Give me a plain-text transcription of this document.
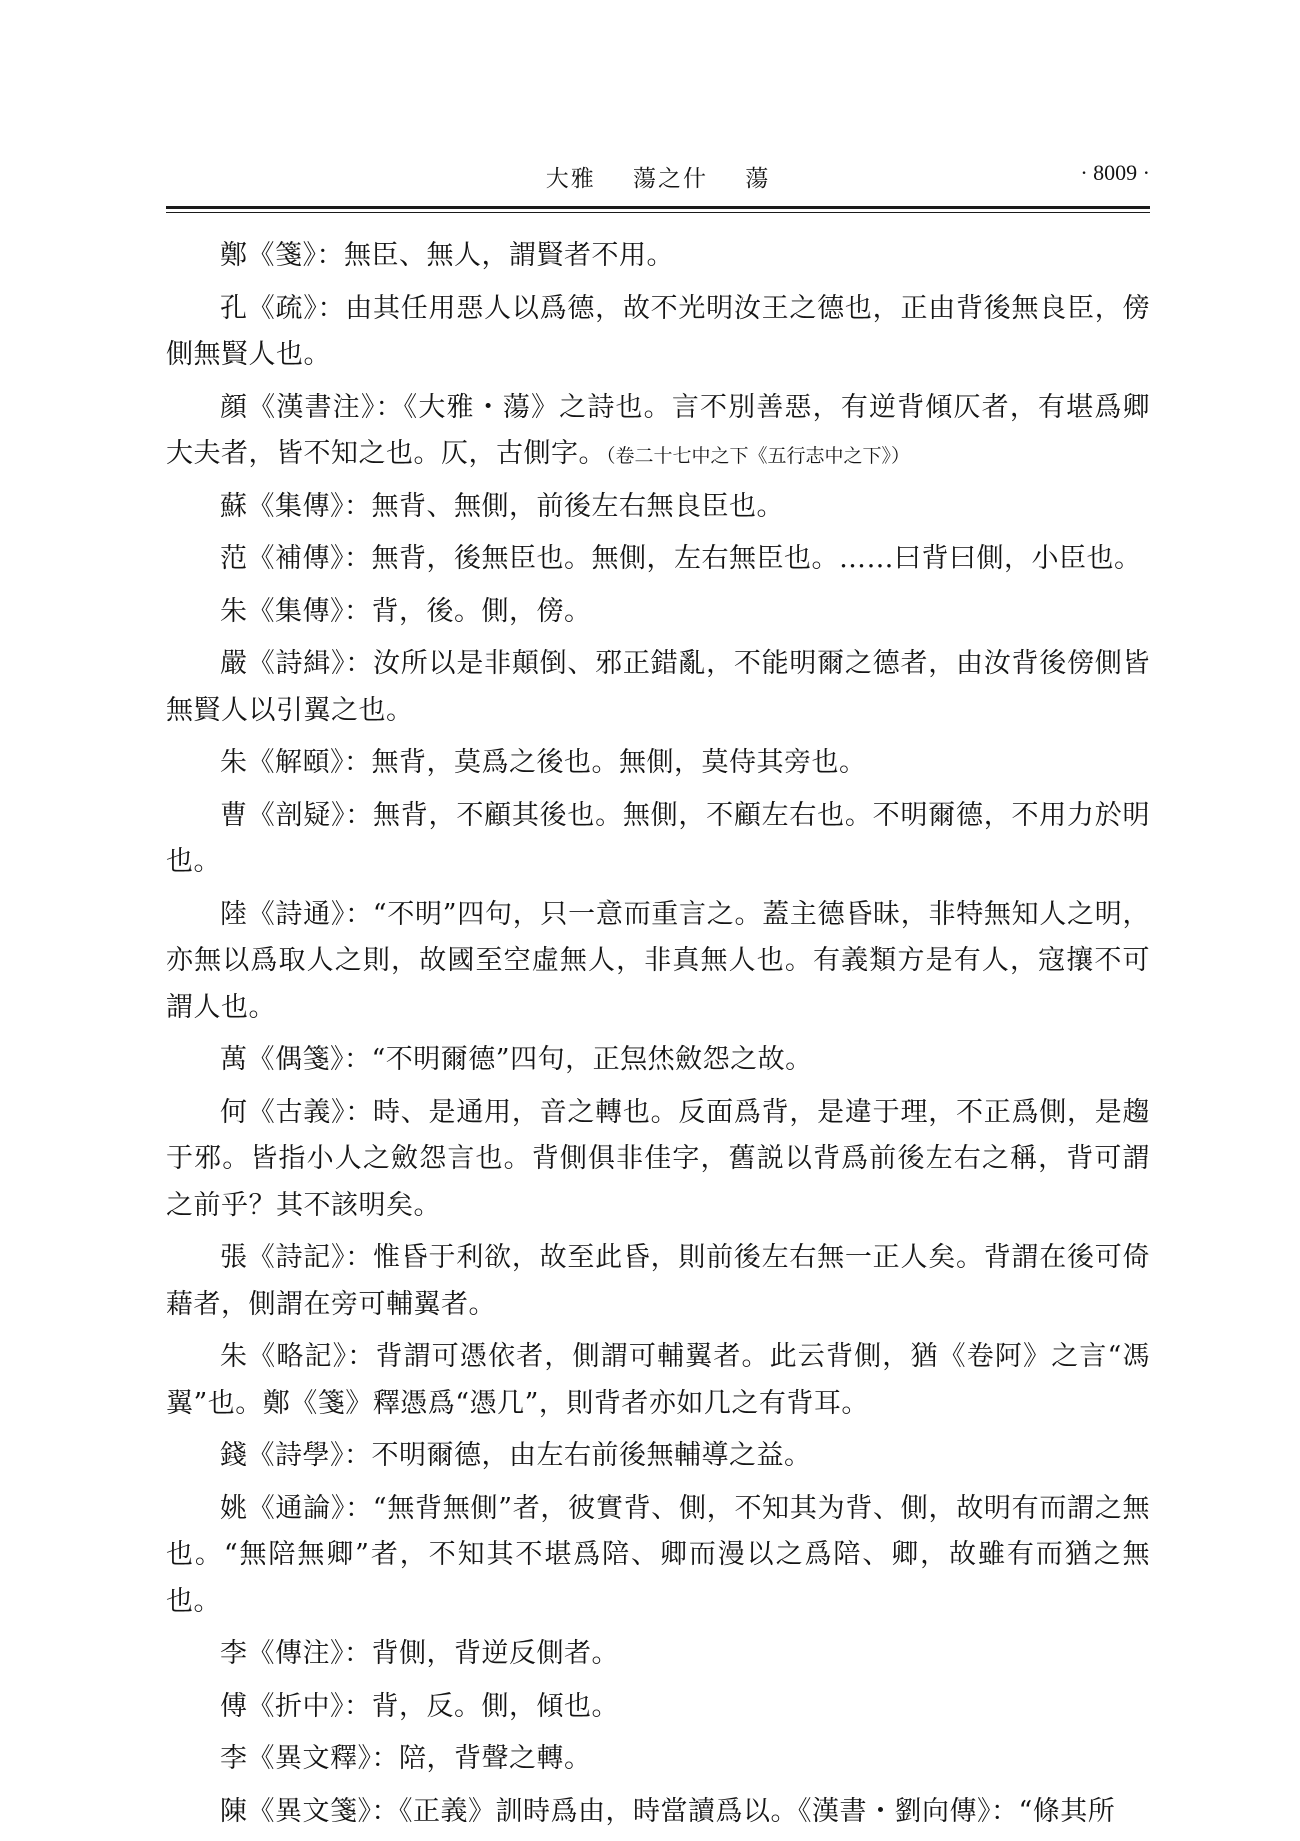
大雅 蕩之什 蕩	· 8009 ·

鄭《箋》：無臣、無人，謂賢者不用。

孔《疏》：由其任用惡人以爲德，故不光明汝王之德也，正由背後無良臣，傍側無賢人也。

顔《漢書注》：《大雅・蕩》之詩也。言不別善惡，有逆背傾仄者，有堪爲卿大夫者，皆不知之也。仄，古側字。（卷二十七中之下《五行志中之下》）

蘇《集傳》：無背、無側，前後左右無良臣也。

范《補傳》：無背，後無臣也。無側，左右無臣也。……曰背曰側，小臣也。

朱《集傳》：背，後。側，傍。

嚴《詩緝》：汝所以是非顛倒、邪正錯亂，不能明爾之德者，由汝背後傍側皆無賢人以引翼之也。

朱《解頤》：無背，莫爲之後也。無側，莫侍其旁也。

曹《剖疑》：無背，不顧其後也。無側，不顧左右也。不明爾德，不用力於明也。

陸《詩通》：“不明”四句，只一意而重言之。蓋主德昏昧，非特無知人之明，亦無以爲取人之則，故國至空虛無人，非真無人也。有義類方是有人，寇攘不可謂人也。

萬《偶箋》：“不明爾德”四句，正炰烋斂怨之故。

何《古義》：時、是通用，音之轉也。反面爲背，是違于理，不正爲側，是趨于邪。皆指小人之斂怨言也。背側俱非佳字，舊説以背爲前後左右之稱，背可謂之前乎？其不該明矣。

張《詩記》：惟昏于利欲，故至此昏，則前後左右無一正人矣。背謂在後可倚藉者，側謂在旁可輔翼者。

朱《略記》：背謂可憑依者，側謂可輔翼者。此云背側，猶《卷阿》之言“馮翼”也。鄭《箋》釋憑爲“憑几”，則背者亦如几之有背耳。

錢《詩學》：不明爾德，由左右前後無輔導之益。

姚《通論》：“無背無側”者，彼實背、側，不知其为背、側，故明有而謂之無也。“無陪無卿”者，不知其不堪爲陪、卿而漫以之爲陪、卿，故雖有而猶之無也。

李《傳注》：背側，背逆反側者。

傅《折中》：背，反。側，傾也。

李《異文釋》：陪，背聲之轉。

陳《異文箋》：《正義》訓時爲由，時當讀爲以。《漢書・劉向傳》：“條其所
